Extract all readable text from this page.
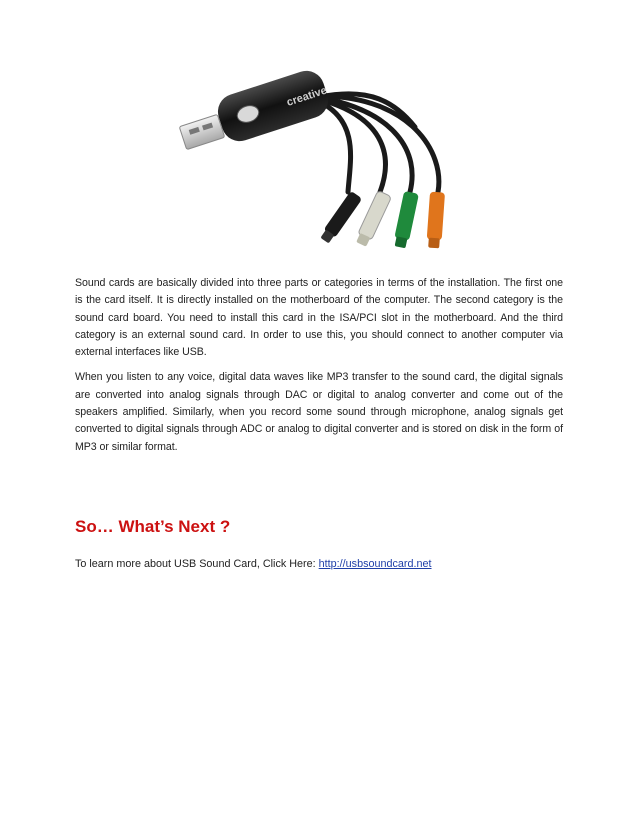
creative

Sound cards are basically divided into three parts or categories in terms of the installation. The first one is the card itself. It is directly installed on the motherboard of the computer. The second category is the sound card board. You need to install this card in the ISA/PCI slot in the motherboard. And the third category is an external sound card. In order to use this, you should connect to another computer via external interfaces like USB.

When you listen to any voice, digital data waves like MP3 transfer to the sound card, the digital signals are converted into analog signals through DAC or digital to analog converter and come out of the speakers amplified. Similarly, when you record some sound through microphone, analog signals get converted to digital signals through ADC or analog to digital converter and is stored on disk in the form of MP3 or similar format.

So… What’s Next ?

To learn more about USB Sound Card, Click Here: http://usbsoundcard.net
